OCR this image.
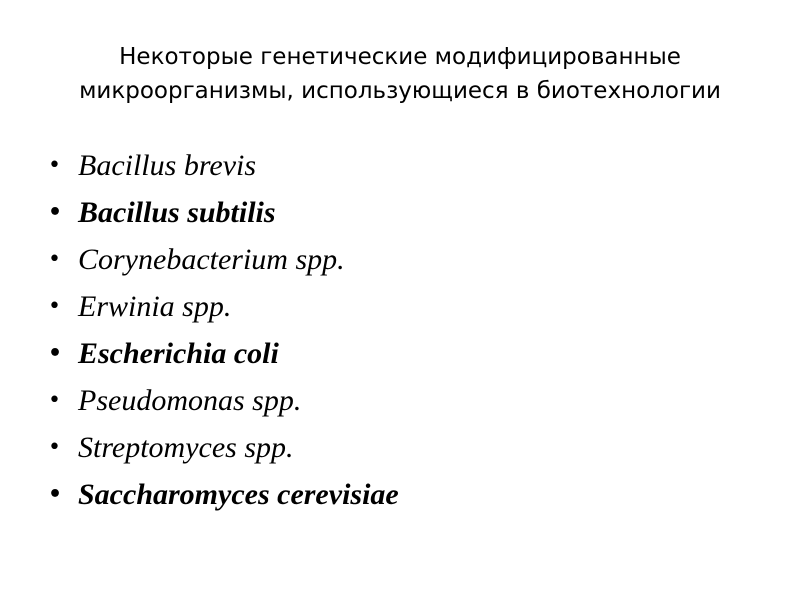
Некоторые генетические модифицированные
микроорганизмы, использующиеся в биотехнологии
• Bacillus brevis
• Bacillus subtilis
• Corynebacterium spp.
• Erwinia spp.
• Escherichia coli
• Pseudomonas spp.
• Streptomyces spp.
• Saccharomyces cerevisiae
